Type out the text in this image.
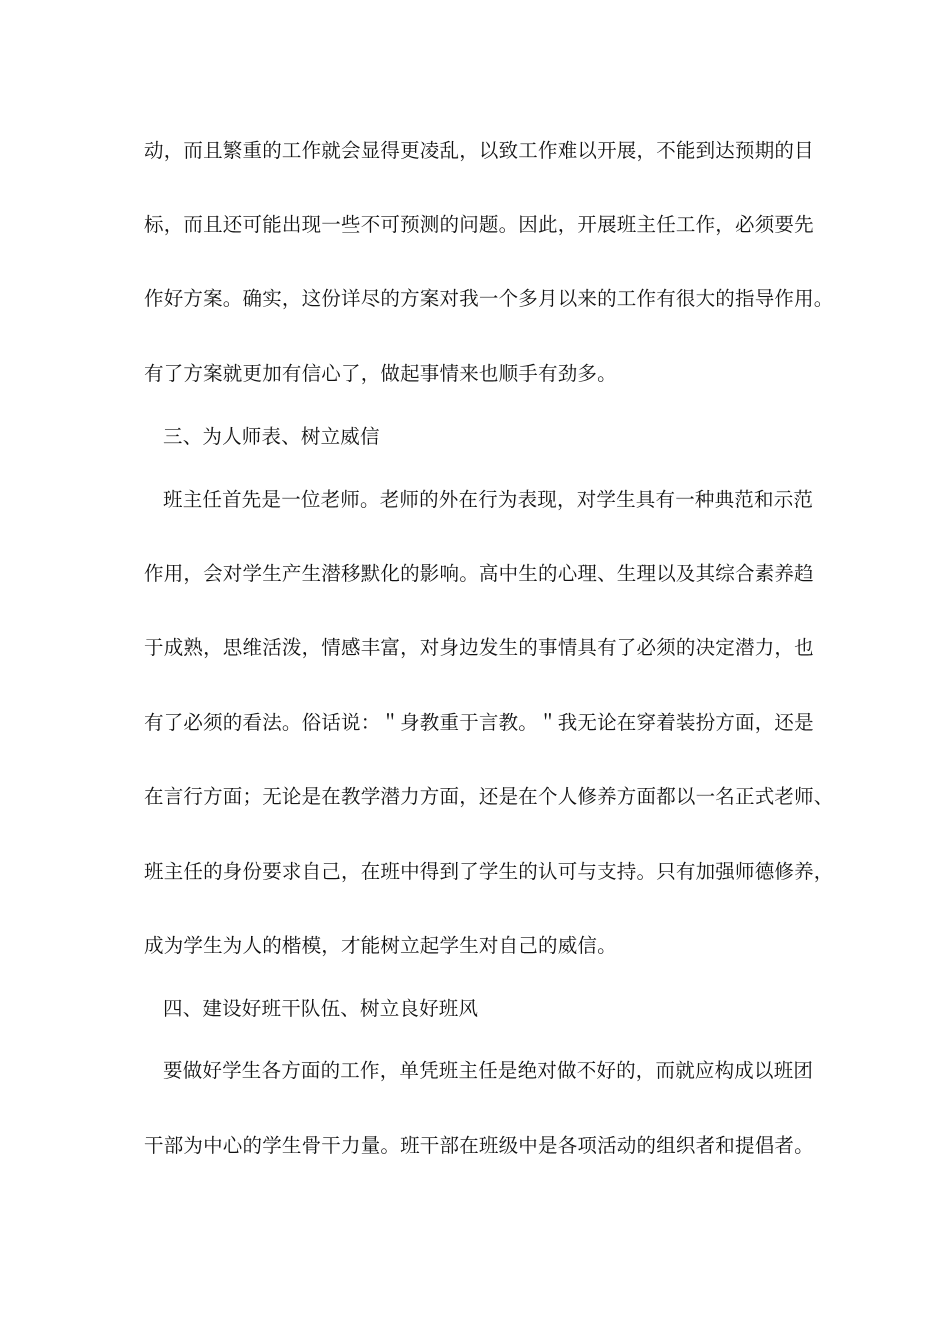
动，而且繁重的工作就会显得更凌乱，以致工作难以开展，不能到达预期的目
标，而且还可能出现一些不可预测的问题。因此，开展班主任工作，必须要先
作好方案。确实，这份详尽的方案对我一个多月以来的工作有很大的指导作用。
有了方案就更加有信心了，做起事情来也顺手有劲多。
三、为人师表、树立威信
班主任首先是一位老师。老师的外在行为表现，对学生具有一种典范和示范
作用，会对学生产生潜移默化的影响。高中生的心理、生理以及其综合素养趋
于成熟，思维活泼，情感丰富，对身边发生的事情具有了必须的决定潜力，也
有了必须的看法。俗话说：＂身教重于言教。＂我无论在穿着装扮方面，还是
在言行方面；无论是在教学潜力方面，还是在个人修养方面都以一名正式老师、
班主任的身份要求自己，在班中得到了学生的认可与支持。只有加强师德修养，
成为学生为人的楷模，才能树立起学生对自己的威信。
四、建设好班干队伍、树立良好班风
要做好学生各方面的工作，单凭班主任是绝对做不好的，而就应构成以班团
干部为中心的学生骨干力量。班干部在班级中是各项活动的组织者和提倡者。
